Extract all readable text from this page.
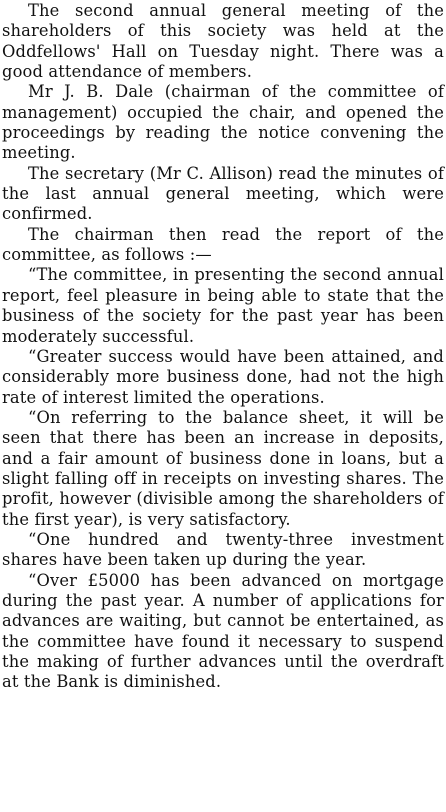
The second annual general meeting of the shareholders of this society was held at the Oddfellows' Hall on Tuesday night. There was a good attendance of members.

Mr J. B. Dale (chairman of the committee of management) occupied the chair, and opened the proceedings by reading the notice convening the meeting.

The secretary (Mr C. Allison) read the minutes of the last annual general meeting, which were confirmed.

The chairman then read the report of the committee, as follows :—

“The committee, in presenting the second annual report, feel pleasure in being able to state that the business of the society for the past year has been moderately successful.

“Greater success would have been attained, and considerably more business done, had not the high rate of interest limited the operations.

“On referring to the balance sheet, it will be seen that there has been an increase in deposits, and a fair amount of business done in loans, but a slight falling off in receipts on investing shares. The profit, however (divisible among the shareholders of the first year), is very satisfactory.

“One hundred and twenty-three investment shares have been taken up during the year.

“Over £5000 has been advanced on mortgage during the past year. A number of applications for advances are waiting, but cannot be entertained, as the committee have found it necessary to suspend the making of further advances until the overdraft at the Bank is diminished.
